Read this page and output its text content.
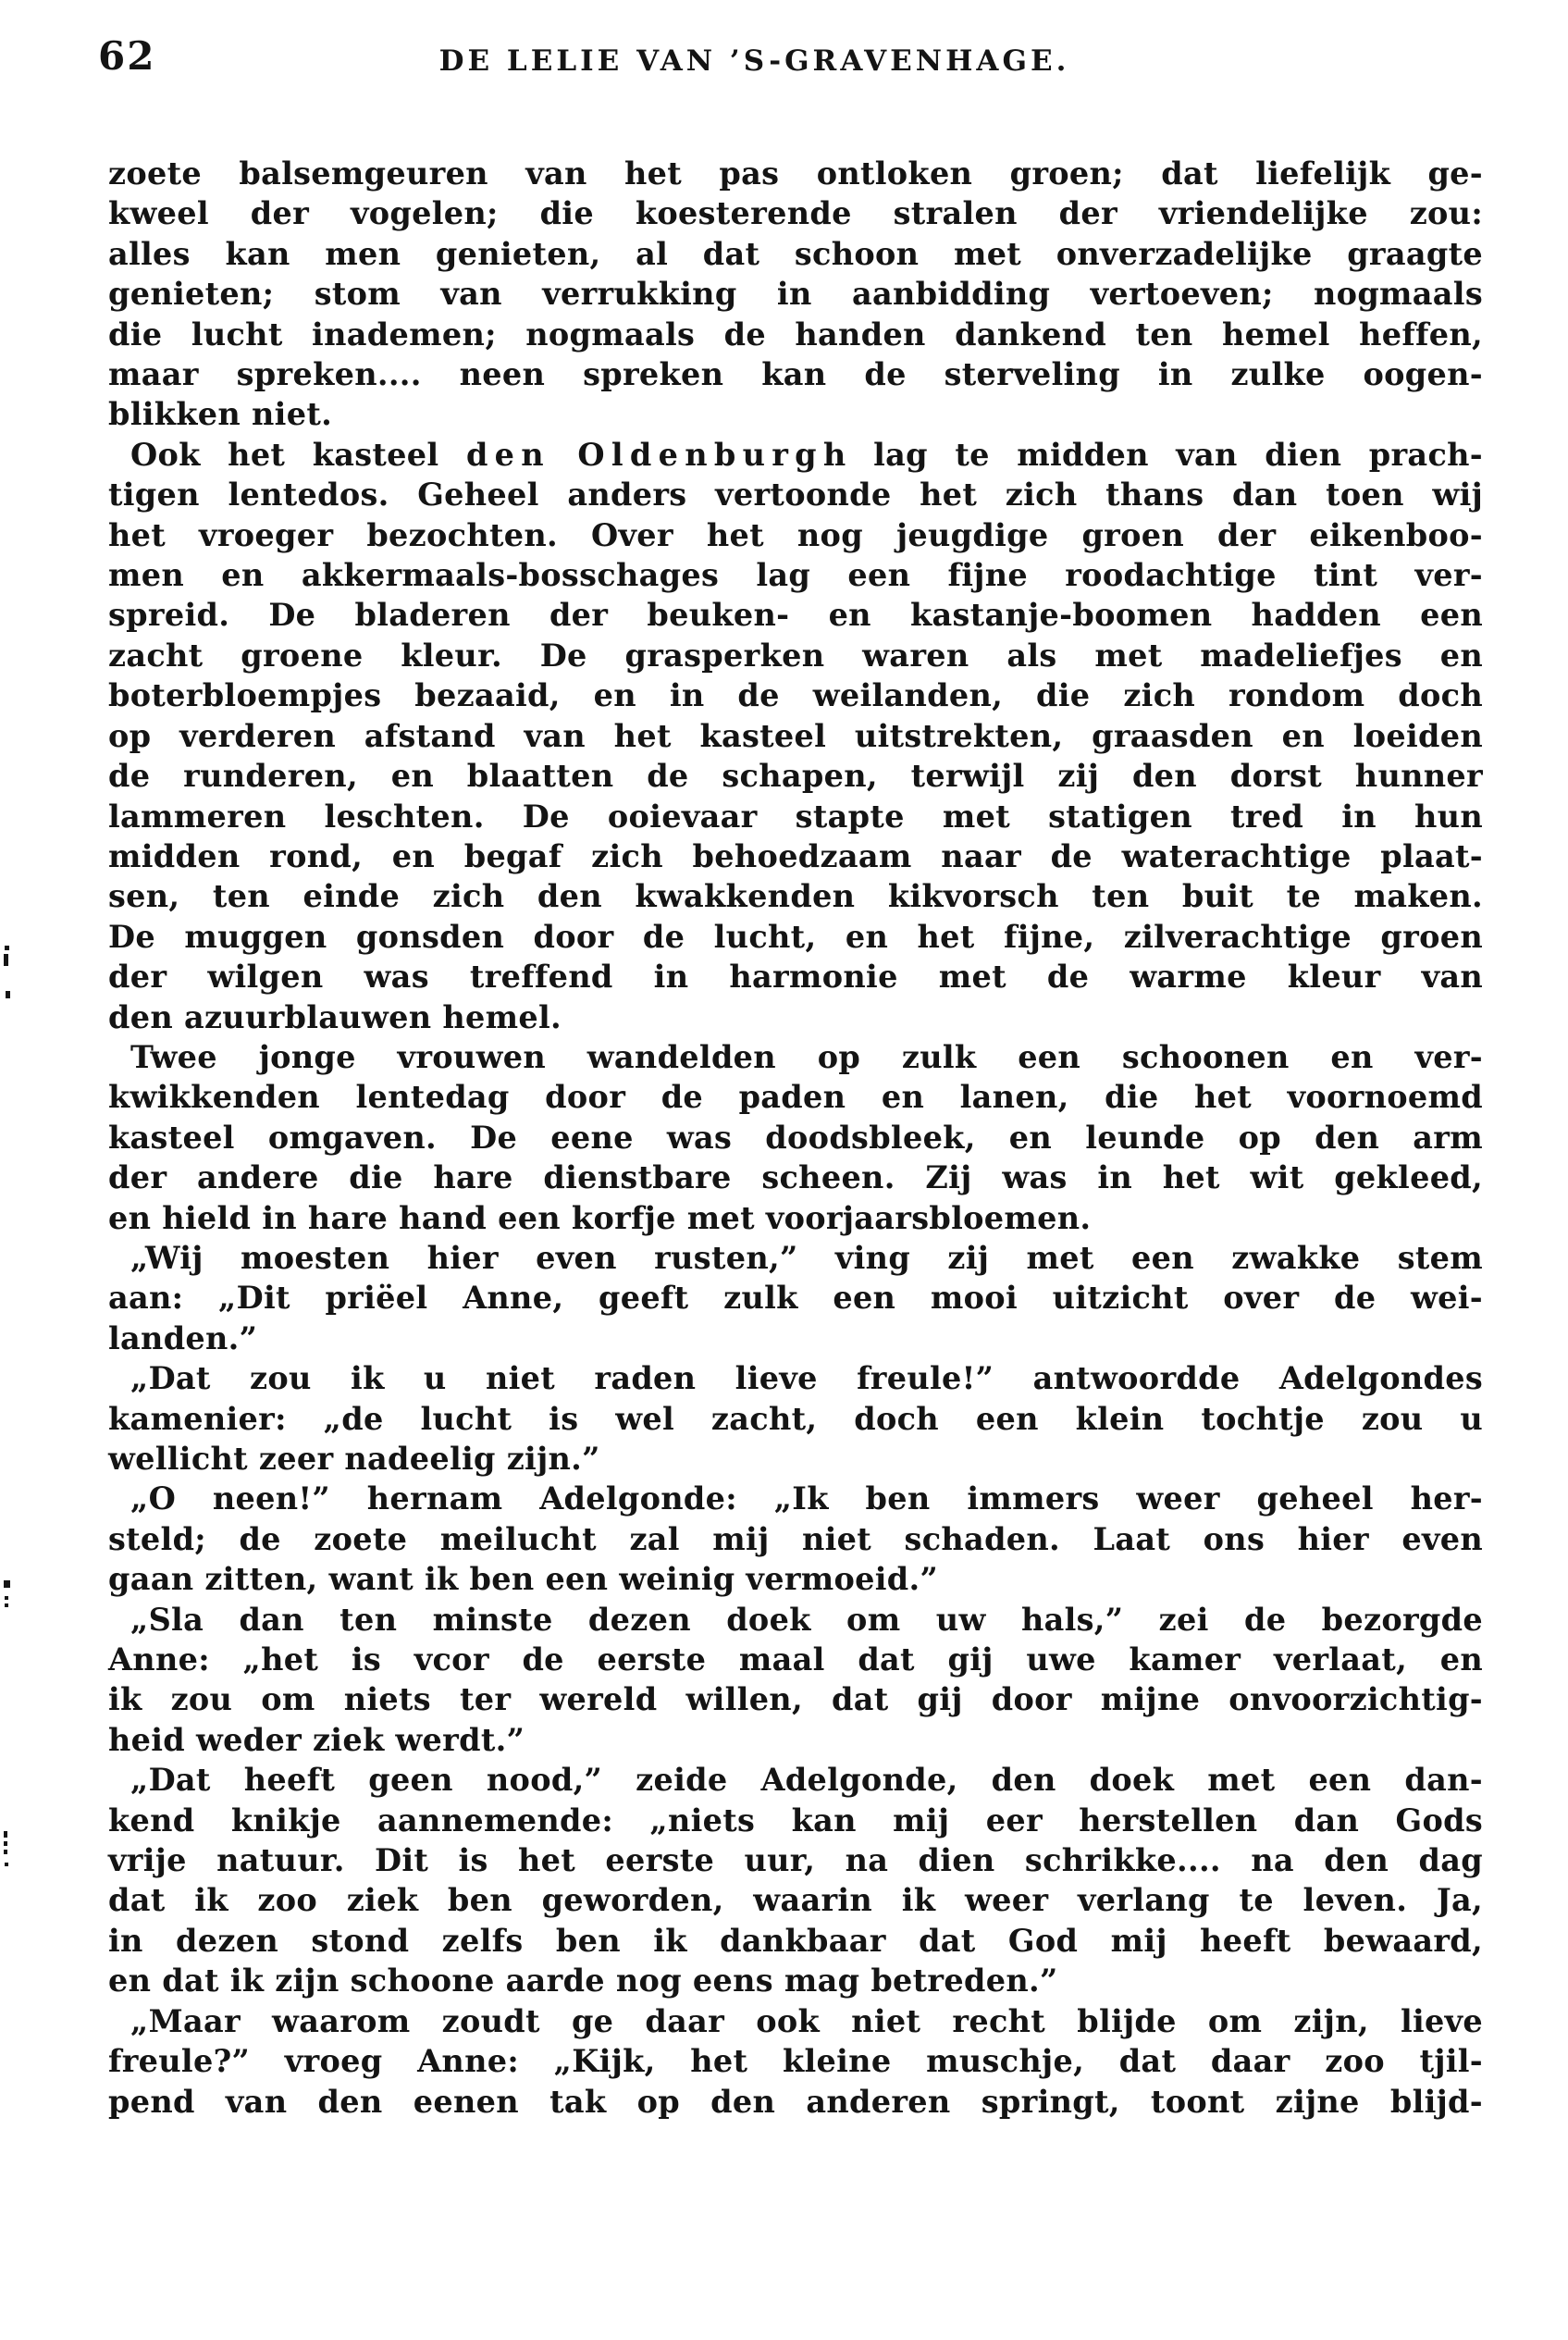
62	DE LELIE VAN ’S-GRAVENHAGE.
zoete balsemgeuren van het pas ontloken groen; dat liefelijk ge-
kweel der vogelen; die koesterende stralen der vriendelijke zou:
alles kan men genieten, al dat schoon met onverzadelijke graagte
genieten; stom van verrukking in aanbidding vertoeven; nogmaals
die lucht inademen; nogmaals de handen dankend ten hemel heffen,
maar spreken.... neen spreken kan de sterveling in zulke oogen-
blikken niet.
Ook het kasteel d e n  O l d e n b u r g h lag te midden van dien prach-
tigen lentedos. Geheel anders vertoonde het zich thans dan toen wij
het vroeger bezochten. Over het nog jeugdige groen der eikenboo-
men en akkermaals-bosschages lag een fijne roodachtige tint ver-
spreid. De bladeren der beuken- en kastanje-boomen hadden een
zacht groene kleur. De grasperken waren als met madeliefjes en
boterbloempjes bezaaid, en in de weilanden, die zich rondom doch
op verderen afstand van het kasteel uitstrekten, graasden en loeiden
de runderen, en blaatten de schapen, terwijl zij den dorst hunner
lammeren leschten. De ooievaar stapte met statigen tred in hun
midden rond, en begaf zich behoedzaam naar de waterachtige plaat-
sen, ten einde zich den kwakkenden kikvorsch ten buit te maken.
De muggen gonsden door de lucht, en het fijne, zilverachtige groen
der wilgen was treffend in harmonie met de warme kleur van
den azuurblauwen hemel.
Twee jonge vrouwen wandelden op zulk een schoonen en ver-
kwikkenden lentedag door de paden en lanen, die het voornoemd
kasteel omgaven. De eene was doodsbleek, en leunde op den arm
der andere die hare dienstbare scheen. Zij was in het wit gekleed,
en hield in hare hand een korfje met voorjaarsbloemen.
„Wij moesten hier even rusten,” ving zij met een zwakke stem
aan: „Dit priëel Anne, geeft zulk een mooi uitzicht over de wei-
landen.”
„Dat zou ik u niet raden lieve freule!” antwoordde Adelgondes
kamenier: „de lucht is wel zacht, doch een klein tochtje zou u
wellicht zeer nadeelig zijn.”
„O neen!” hernam Adelgonde: „Ik ben immers weer geheel her-
steld; de zoete meilucht zal mij niet schaden. Laat ons hier even
gaan zitten, want ik ben een weinig vermoeid.”
„Sla dan ten minste dezen doek om uw hals,” zei de bezorgde
Anne: „het is vcor de eerste maal dat gij uwe kamer verlaat, en
ik zou om niets ter wereld willen, dat gij door mijne onvoorzichtig-
heid weder ziek werdt.”
„Dat heeft geen nood,” zeide Adelgonde, den doek met een dan-
kend knikje aannemende: „niets kan mij eer herstellen dan Gods
vrije natuur. Dit is het eerste uur, na dien schrikke.... na den dag
dat ik zoo ziek ben geworden, waarin ik weer verlang te leven. Ja,
in dezen stond zelfs ben ik dankbaar dat God mij heeft bewaard,
en dat ik zijn schoone aarde nog eens mag betreden.”
„Maar waarom zoudt ge daar ook niet recht blijde om zijn, lieve
freule?” vroeg Anne: „Kijk, het kleine muschje, dat daar zoo tjil-
pend van den eenen tak op den anderen springt, toont zijne blijd-
